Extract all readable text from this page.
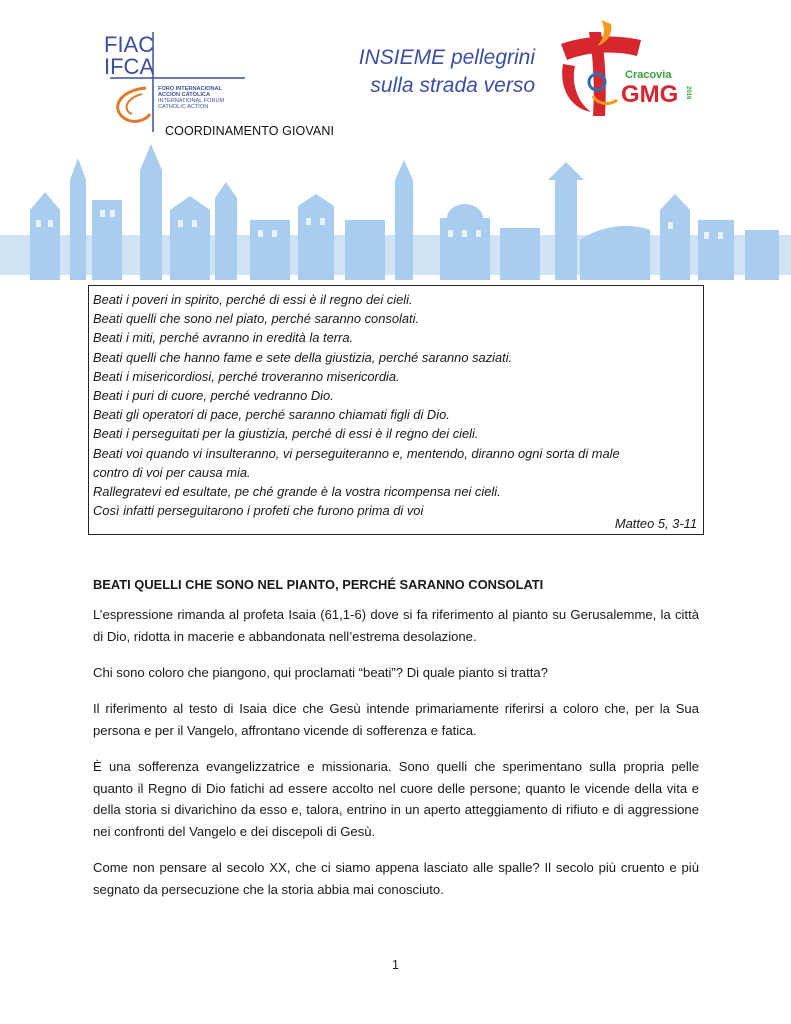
FIAC
IFCA
FORO INTERNACIONAL
ACCION CATOLICA
INTERNATIONAL FORUM
CATHOLIC ACTION
COORDINAMENTO GIOVANI
INSIEME pellegrini
sulla strada verso	Cracovia
GMG 2016
Beati i poveri in spirito, perché di essi è il regno dei cieli.
Beati quelli che sono nel piato, perché saranno consolati.
Beati i miti, perché avranno in eredità la terra.
Beati quelli che hanno fame e sete della giustizia, perché saranno saziati.
Beati i misericordiosi, perché troveranno misericordia.
Beati i puri di cuore, perché vedranno Dio.
Beati gli operatori di pace, perché saranno chiamati figli di Dio.
Beati i perseguitati per la giustizia, perché di essi è il regno dei cieli.
Beati voi quando vi insulteranno, vi perseguiteranno e, mentendo, diranno ogni sorta di male
contro di voi per causa mia.
Rallegratevi ed esultate, pe ché grande è la vostra ricompensa nei cieli.
Così infatti perseguitarono i profeti che furono prima di voi
Matteo 5, 3-11
BEATI QUELLI CHE SONO NEL PIANTO, PERCHÉ SARANNO CONSOLATI
L’espressione rimanda al profeta Isaia (61,1-6) dove si fa riferimento al pianto su Gerusalemme, la città di Dio, ridotta in macerie e abbandonata nell’estrema desolazione.
Chi sono coloro che piangono, qui proclamati “beati”? Di quale pianto si tratta?
Il riferimento al testo di Isaia dice che Gesù intende primariamente riferirsi a coloro che, per la Sua persona e per il Vangelo, affrontano vicende di sofferenza e fatica.
È una sofferenza evangelizzatrice e missionaria. Sono quelli che sperimentano sulla propria pelle quanto il Regno di Dio fatichi ad essere accolto nel cuore delle persone; quanto le vicende della vita e della storia si divarichino da esso e, talora, entrino in un aperto atteggiamento di rifiuto e di aggressione nei confronti del Vangelo e dei discepoli di Gesù.
Come non pensare al secolo XX, che ci siamo appena lasciato alle spalle? Il secolo più cruento e più segnato da persecuzione che la storia abbia mai conosciuto.
1
